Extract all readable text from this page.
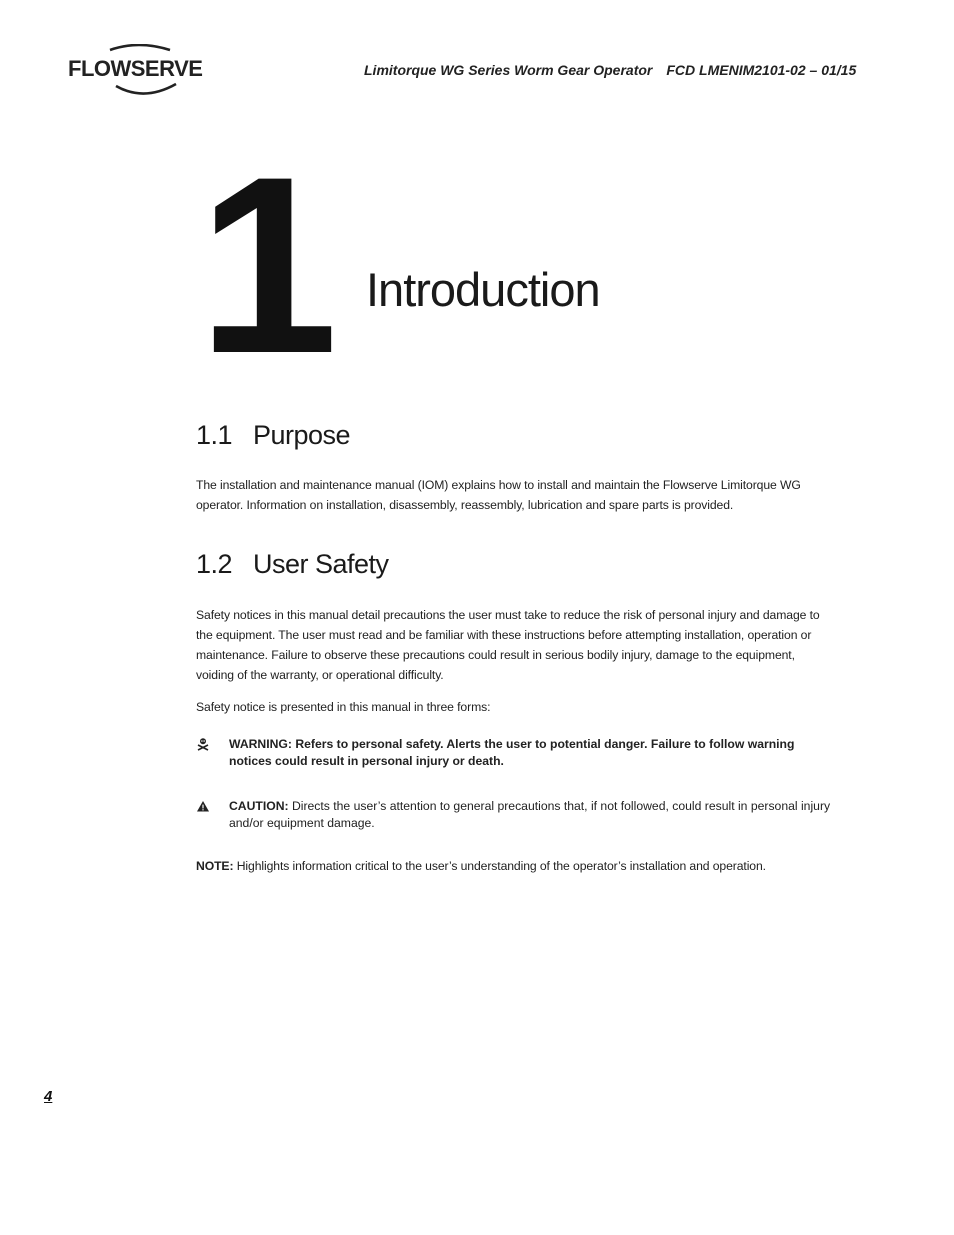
FLOWSERVE	Limitorque WG Series Worm Gear Operator FCD LMENIM2101-02 – 01/15
1 Introduction
1.1 Purpose
The installation and maintenance manual (IOM) explains how to install and maintain the Flowserve Limitorque WG operator. Information on installation, disassembly, reassembly, lubrication and spare parts is provided.
1.2 User Safety
Safety notices in this manual detail precautions the user must take to reduce the risk of personal injury and damage to the equipment. The user must read and be familiar with these instructions before attempting installation, operation or maintenance. Failure to observe these precautions could result in serious bodily injury, damage to the equipment, voiding of the warranty, or operational difficulty.
Safety notice is presented in this manual in three forms:
WARNING: Refers to personal safety. Alerts the user to potential danger. Failure to follow warning notices could result in personal injury or death.
CAUTION: Directs the user’s attention to general precautions that, if not followed, could result in personal injury and/or equipment damage.
NOTE: Highlights information critical to the user’s understanding of the operator’s installation and operation.
4
